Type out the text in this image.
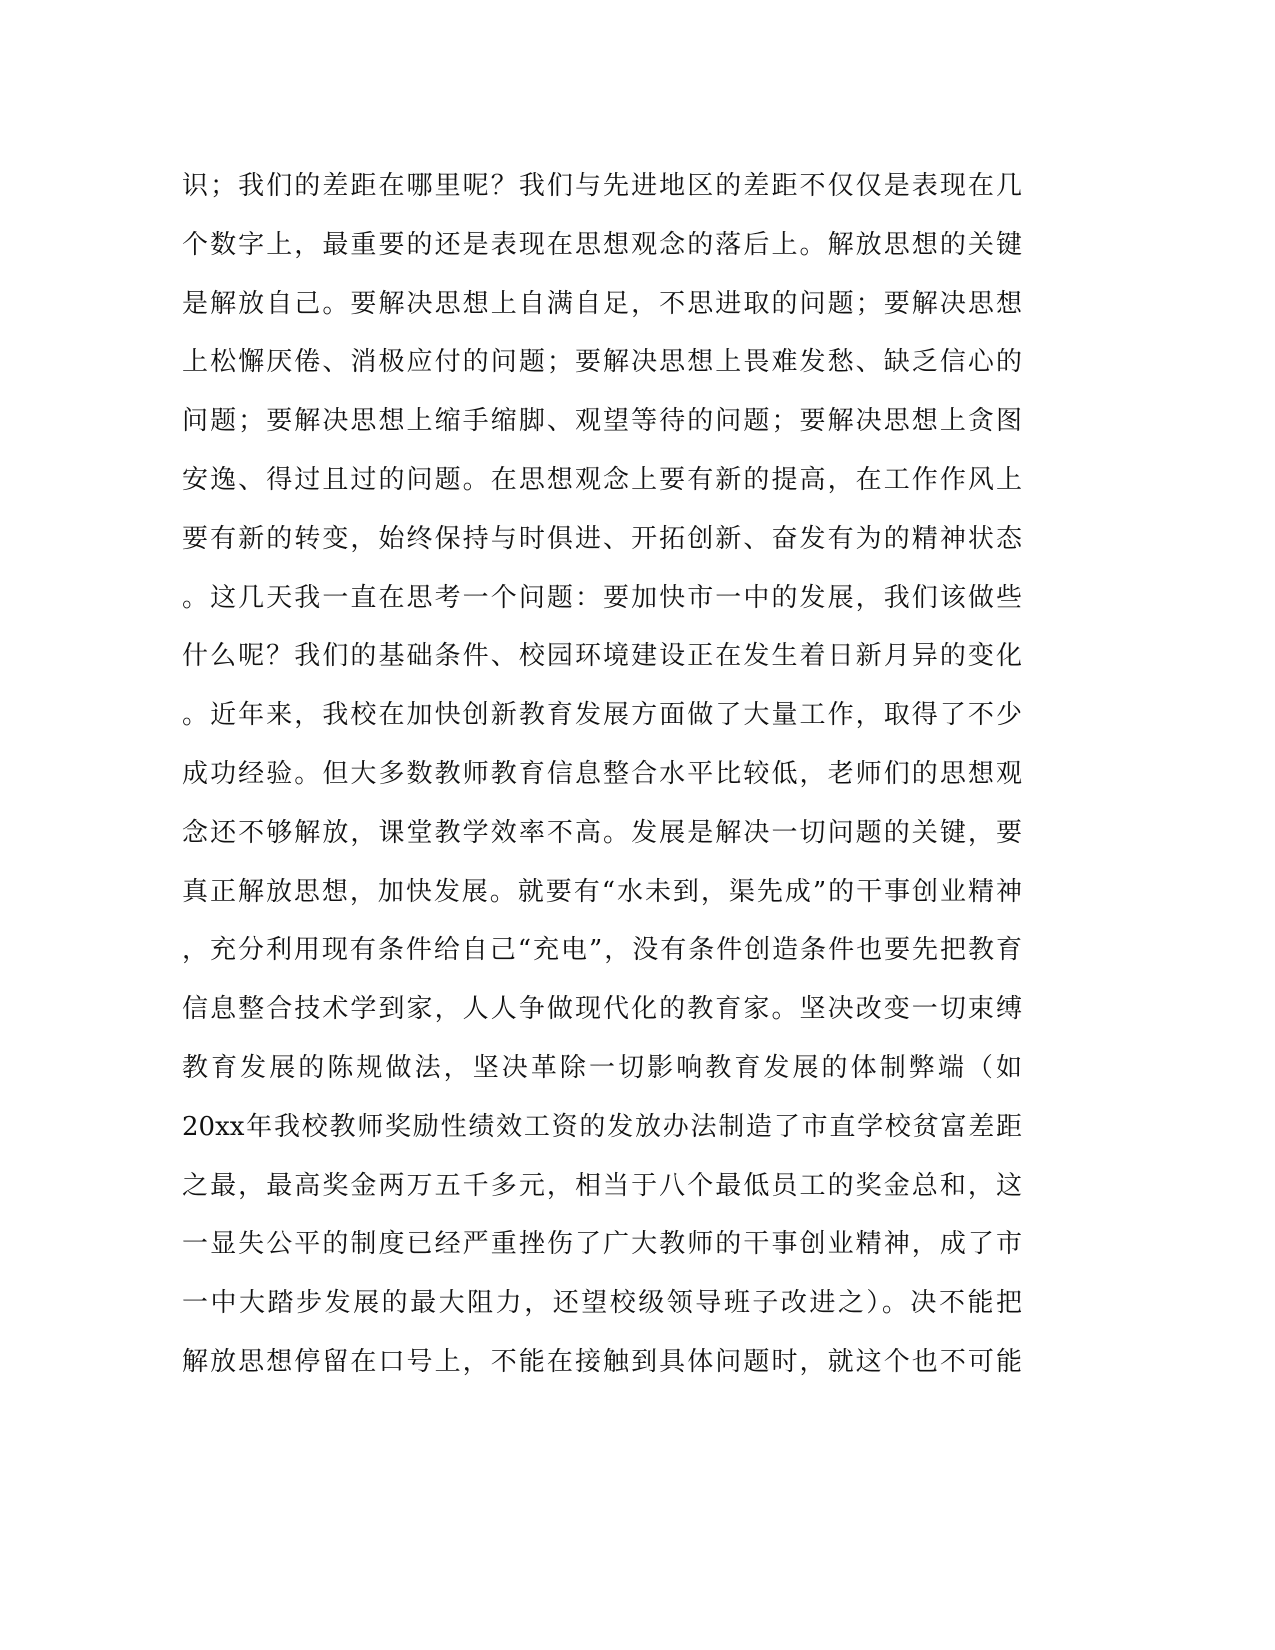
识；我们的差距在哪里呢？我们与先进地区的差距不仅仅是表现在几
个数字上，最重要的还是表现在思想观念的落后上。解放思想的关键
是解放自己。要解决思想上自满自足，不思进取的问题；要解决思想
上松懈厌倦、消极应付的问题；要解决思想上畏难发愁、缺乏信心的
问题；要解决思想上缩手缩脚、观望等待的问题；要解决思想上贪图
安逸、得过且过的问题。在思想观念上要有新的提高，在工作作风上
要有新的转变，始终保持与时俱进、开拓创新、奋发有为的精神状态
。这几天我一直在思考一个问题：要加快市一中的发展，我们该做些
什么呢？我们的基础条件、校园环境建设正在发生着日新月异的变化
。近年来，我校在加快创新教育发展方面做了大量工作，取得了不少
成功经验。但大多数教师教育信息整合水平比较低，老师们的思想观
念还不够解放，课堂教学效率不高。发展是解决一切问题的关键，要
真正解放思想，加快发展。就要有“水未到，渠先成”的干事创业精神
，充分利用现有条件给自己“充电”，没有条件创造条件也要先把教育
信息整合技术学到家，人人争做现代化的教育家。坚决改变一切束缚
教育发展的陈规做法，坚决革除一切影响教育发展的体制弊端（如
20xx年我校教师奖励性绩效工资的发放办法制造了市直学校贫富差距
之最，最高奖金两万五千多元，相当于八个最低员工的奖金总和，这
一显失公平的制度已经严重挫伤了广大教师的干事创业精神，成了市
一中大踏步发展的最大阻力，还望校级领导班子改进之）。决不能把
解放思想停留在口号上，不能在接触到具体问题时，就这个也不可能
